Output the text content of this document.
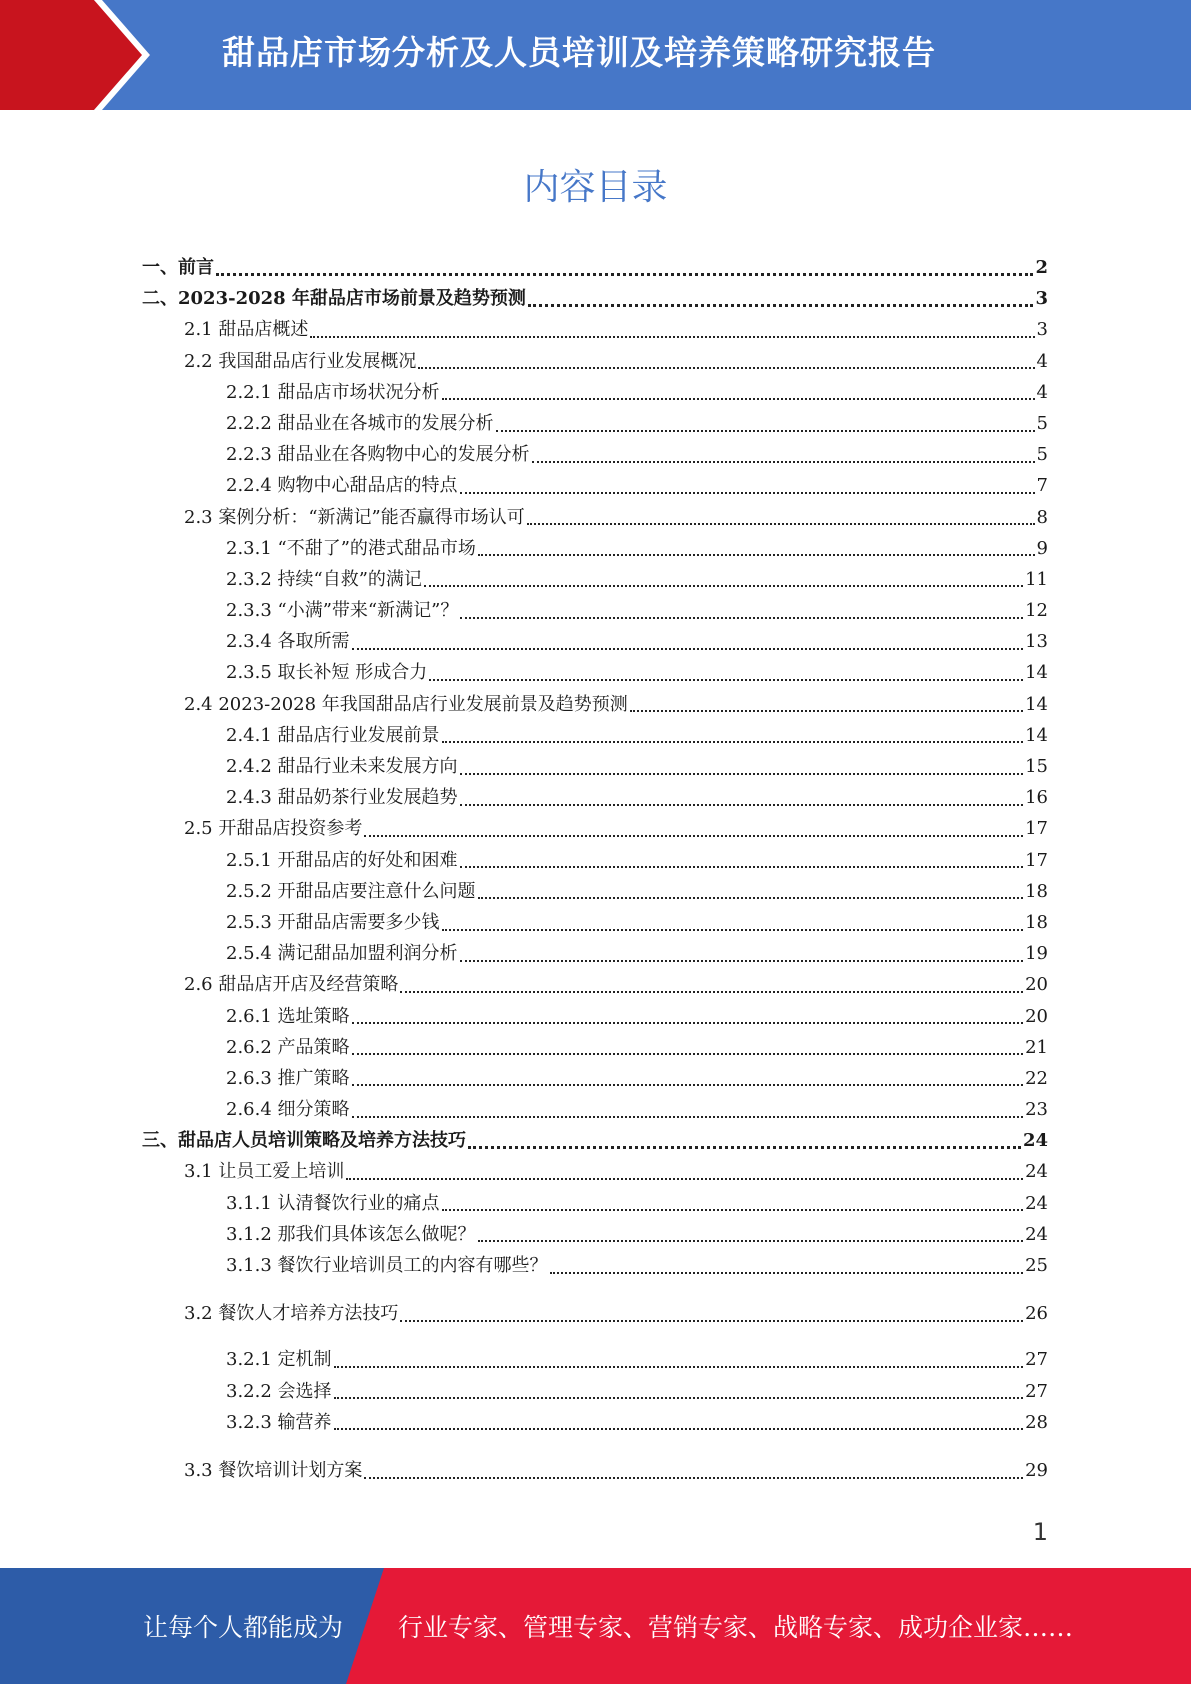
甜品店市场分析及人员培训及培养策略研究报告
内容目录
一、前言	2
二、2023-2028 年甜品店市场前景及趋势预测	3
2.1 甜品店概述	3
2.2 我国甜品店行业发展概况	4
2.2.1 甜品店市场状况分析	4
2.2.2 甜品业在各城市的发展分析	5
2.2.3 甜品业在各购物中心的发展分析	5
2.2.4 购物中心甜品店的特点	7
2.3 案例分析：“新满记”能否赢得市场认可	8
2.3.1 “不甜了”的港式甜品市场	9
2.3.2 持续“自救”的满记	11
2.3.3 “小满”带来“新满记”？	12
2.3.4 各取所需	13
2.3.5 取长补短 形成合力	14
2.4 2023-2028 年我国甜品店行业发展前景及趋势预测	14
2.4.1 甜品店行业发展前景	14
2.4.2 甜品行业未来发展方向	15
2.4.3 甜品奶茶行业发展趋势	16
2.5 开甜品店投资参考	17
2.5.1 开甜品店的好处和困难	17
2.5.2 开甜品店要注意什么问题	18
2.5.3 开甜品店需要多少钱	18
2.5.4 满记甜品加盟利润分析	19
2.6 甜品店开店及经营策略	20
2.6.1 选址策略	20
2.6.2 产品策略	21
2.6.3 推广策略	22
2.6.4 细分策略	23
三、甜品店人员培训策略及培养方法技巧	24
3.1 让员工爱上培训	24
3.1.1 认清餐饮行业的痛点	24
3.1.2 那我们具体该怎么做呢？	24
3.1.3 餐饮行业培训员工的内容有哪些？	25
3.2 餐饮人才培养方法技巧	26
3.2.1 定机制	27
3.2.2 会选择	27
3.2.3 输营养	28
3.3 餐饮培训计划方案	29
1
让每个人都能成为 行业专家、管理专家、营销专家、战略专家、成功企业家……
